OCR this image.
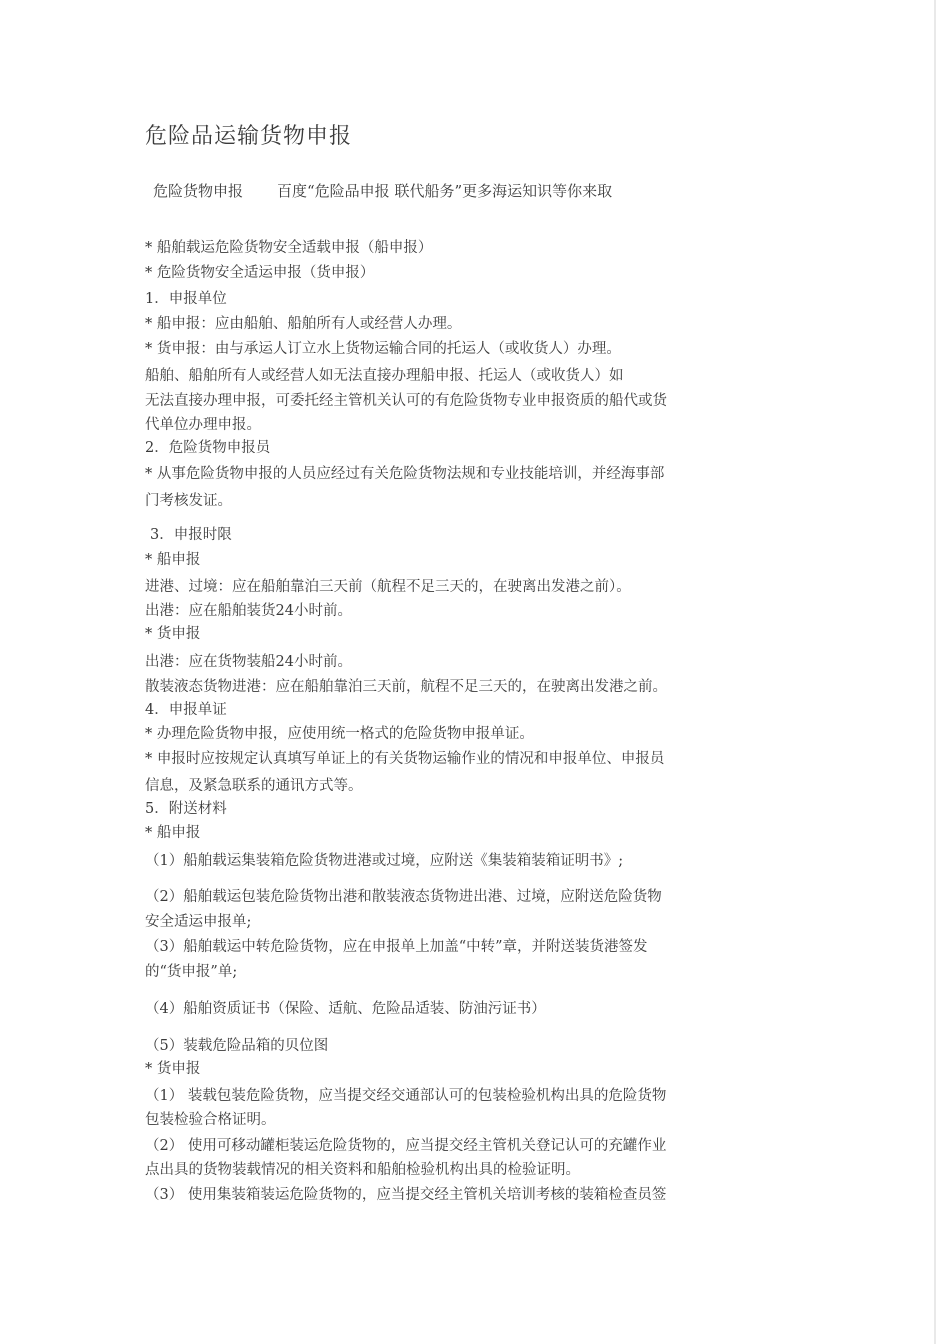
危险品运输货物申报
危险货物申报 百度“危险品申报 联代船务”更多海运知识等你来取
* 船舶载运危险货物安全适载申报（船申报）
* 危险货物安全适运申报（货申报）
1．申报单位
* 船申报：应由船舶、船舶所有人或经营人办理。
* 货申报：由与承运人订立水上货物运输合同的托运人（或收货人）办理。
船舶、船舶所有人或经营人如无法直接办理船申报、托运人（或收货人）如
无法直接办理申报，可委托经主管机关认可的有危险货物专业申报资质的船代或货
代单位办理申报。
2．危险货物申报员
* 从事危险货物申报的人员应经过有关危险货物法规和专业技能培训，并经海事部
门考核发证。
3．申报时限
* 船申报
进港、过境：应在船舶靠泊三天前（航程不足三天的，在驶离出发港之前）。
出港：应在船舶装货24小时前。
* 货申报
出港：应在货物装船24小时前。
散装液态货物进港：应在船舶靠泊三天前，航程不足三天的，在驶离出发港之前。
4．申报单证
* 办理危险货物申报，应使用统一格式的危险货物申报单证。
* 申报时应按规定认真填写单证上的有关货物运输作业的情况和申报单位、申报员
信息，及紧急联系的通讯方式等。
5．附送材料
* 船申报
（1）船舶载运集装箱危险货物进港或过境，应附送《集装箱装箱证明书》;
（2）船舶载运包装危险货物出港和散装液态货物进出港、过境，应附送危险货物
安全适运申报单;
（3）船舶载运中转危险货物，应在申报单上加盖“中转”章，并附送装货港签发
的“货申报”单;
（4）船舶资质证书（保险、适航、危险品适装、防油污证书）
（5）装载危险品箱的贝位图
* 货申报
（1） 装载包装危险货物，应当提交经交通部认可的包装检验机构出具的危险货物
包装检验合格证明。
（2） 使用可移动罐柜装运危险货物的，应当提交经主管机关登记认可的充罐作业
点出具的货物装载情况的相关资料和船舶检验机构出具的检验证明。
（3） 使用集装箱装运危险货物的，应当提交经主管机关培训考核的装箱检查员签
